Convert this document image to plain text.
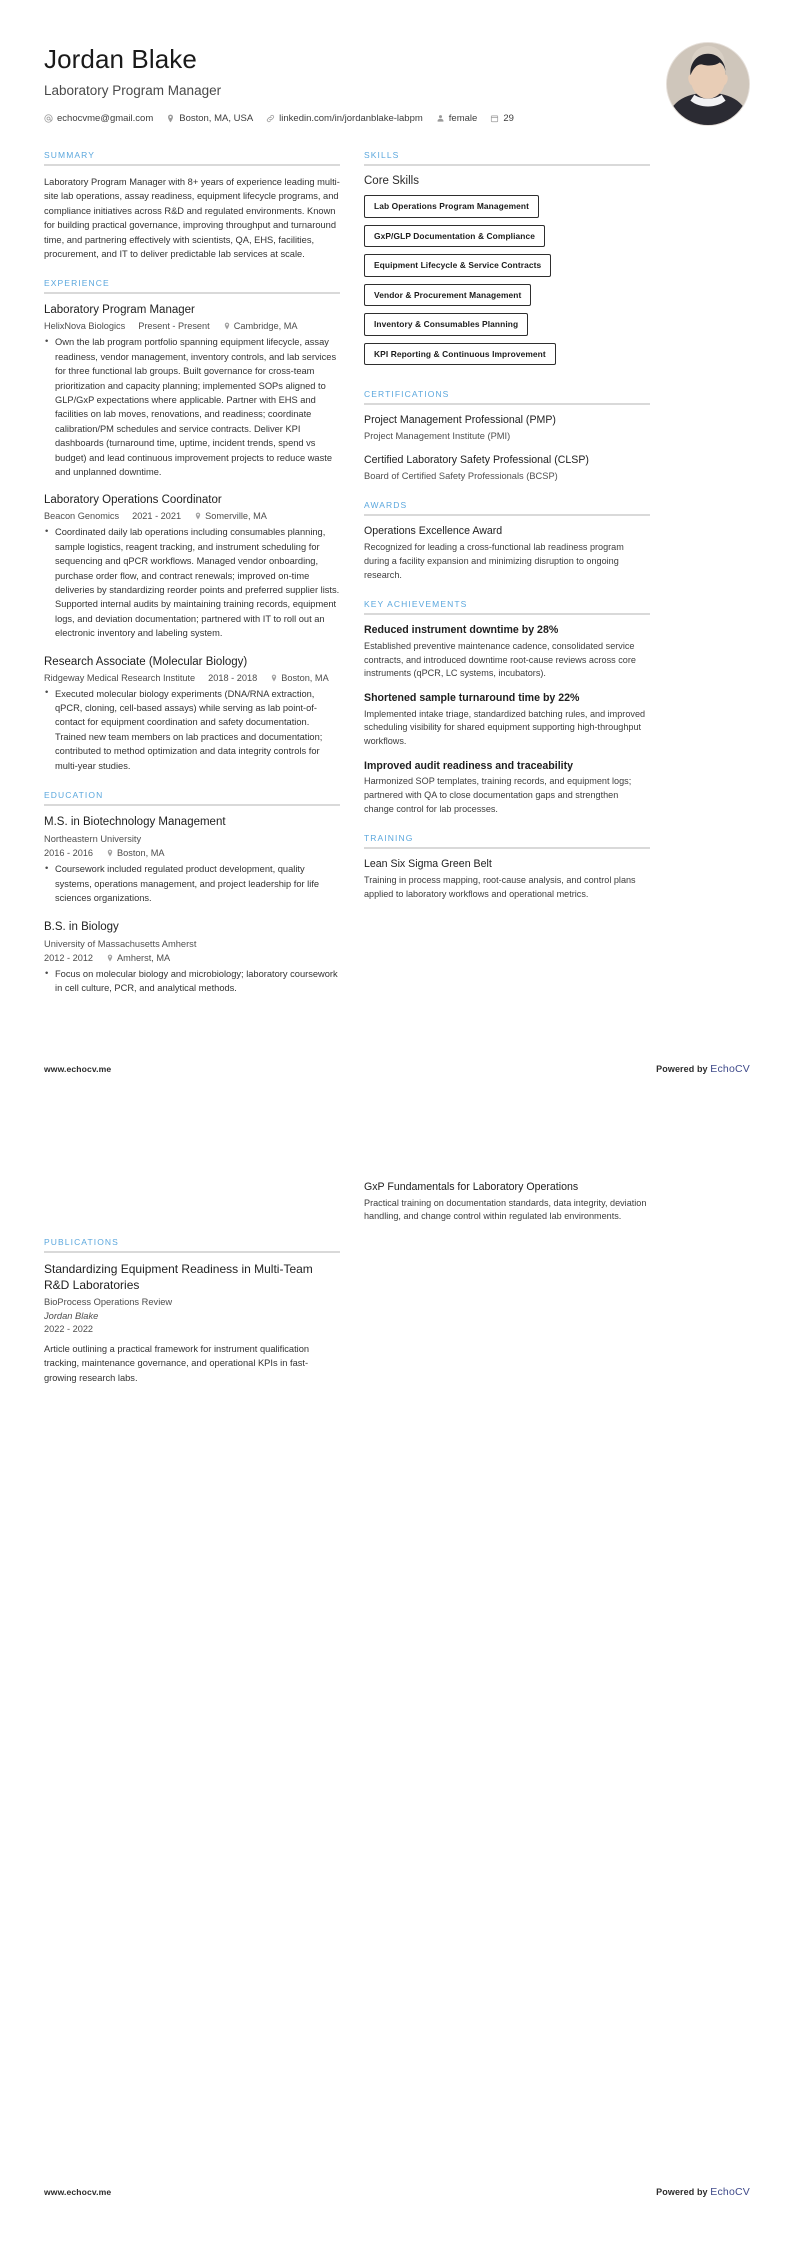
Jordan Blake
Laboratory Program Manager
echocvme@gmail.com	Boston, MA, USA	linkedin.com/in/jordanblake-labpm	female	29
SUMMARY
Laboratory Program Manager with 8+ years of experience leading multi-site lab operations, assay readiness, equipment lifecycle programs, and compliance initiatives across R&D and regulated environments. Known for building practical governance, improving throughput and turnaround time, and partnering effectively with scientists, QA, EHS, facilities, procurement, and IT to deliver predictable lab services at scale.
EXPERIENCE
Laboratory Program Manager
HelixNova Biologics Present - Present	Cambridge, MA
• Own the lab program portfolio spanning equipment lifecycle, assay readiness, vendor management, inventory controls, and lab services for three functional lab groups. Built governance for cross-team prioritization and capacity planning; implemented SOPs aligned to GLP/GxP expectations where applicable. Partner with EHS and facilities on lab moves, renovations, and readiness; coordinate calibration/PM schedules and service contracts. Deliver KPI dashboards (turnaround time, uptime, incident trends, spend vs budget) and lead continuous improvement projects to reduce waste and unplanned downtime.
Laboratory Operations Coordinator
Beacon Genomics 2021 - 2021	Somerville, MA
• Coordinated daily lab operations including consumables planning, sample logistics, reagent tracking, and instrument scheduling for sequencing and qPCR workflows. Managed vendor onboarding, purchase order flow, and contract renewals; improved on-time deliveries by standardizing reorder points and preferred supplier lists. Supported internal audits by maintaining training records, equipment logs, and deviation documentation; partnered with IT to roll out an electronic inventory and labeling system.
Research Associate (Molecular Biology)
Ridgeway Medical Research Institute 2018 - 2018	Boston, MA
• Executed molecular biology experiments (DNA/RNA extraction, qPCR, cloning, cell-based assays) while serving as lab point-of-contact for equipment coordination and safety documentation. Trained new team members on lab practices and documentation; contributed to method optimization and data integrity controls for multi-year studies.
EDUCATION
M.S. in Biotechnology Management
Northeastern University
2016 - 2016	Boston, MA
• Coursework included regulated product development, quality systems, operations management, and project leadership for life sciences organizations.
B.S. in Biology
University of Massachusetts Amherst
2012 - 2012	Amherst, MA
• Focus on molecular biology and microbiology; laboratory coursework in cell culture, PCR, and analytical methods.
SKILLS
Core Skills
Lab Operations Program Management GxP/GLP Documentation & Compliance Equipment Lifecycle & Service Contracts Vendor & Procurement Management Inventory & Consumables Planning KPI Reporting & Continuous Improvement
CERTIFICATIONS
Project Management Professional (PMP)
Project Management Institute (PMI)
Certified Laboratory Safety Professional (CLSP)
Board of Certified Safety Professionals (BCSP)
AWARDS
Operations Excellence Award
Recognized for leading a cross-functional lab readiness program during a facility expansion and minimizing disruption to ongoing research.
KEY ACHIEVEMENTS
Reduced instrument downtime by 28%
Established preventive maintenance cadence, consolidated service contracts, and introduced downtime root-cause reviews across core instruments (qPCR, LC systems, incubators).
Shortened sample turnaround time by 22%
Implemented intake triage, standardized batching rules, and improved scheduling visibility for shared equipment supporting high-throughput workflows.
Improved audit readiness and traceability
Harmonized SOP templates, training records, and equipment logs; partnered with QA to close documentation gaps and strengthen change control for lab processes.
TRAINING
Lean Six Sigma Green Belt
Training in process mapping, root-cause analysis, and control plans applied to laboratory workflows and operational metrics.
www.echocv.me	Powered by EchoCV
PUBLICATIONS
Standardizing Equipment Readiness in Multi-Team R&D Laboratories
BioProcess Operations Review
Jordan Blake
2022 - 2022
Article outlining a practical framework for instrument qualification tracking, maintenance governance, and operational KPIs in fast-growing research labs.
GxP Fundamentals for Laboratory Operations
Practical training on documentation standards, data integrity, deviation handling, and change control within regulated lab environments.
www.echocv.me	Powered by EchoCV
